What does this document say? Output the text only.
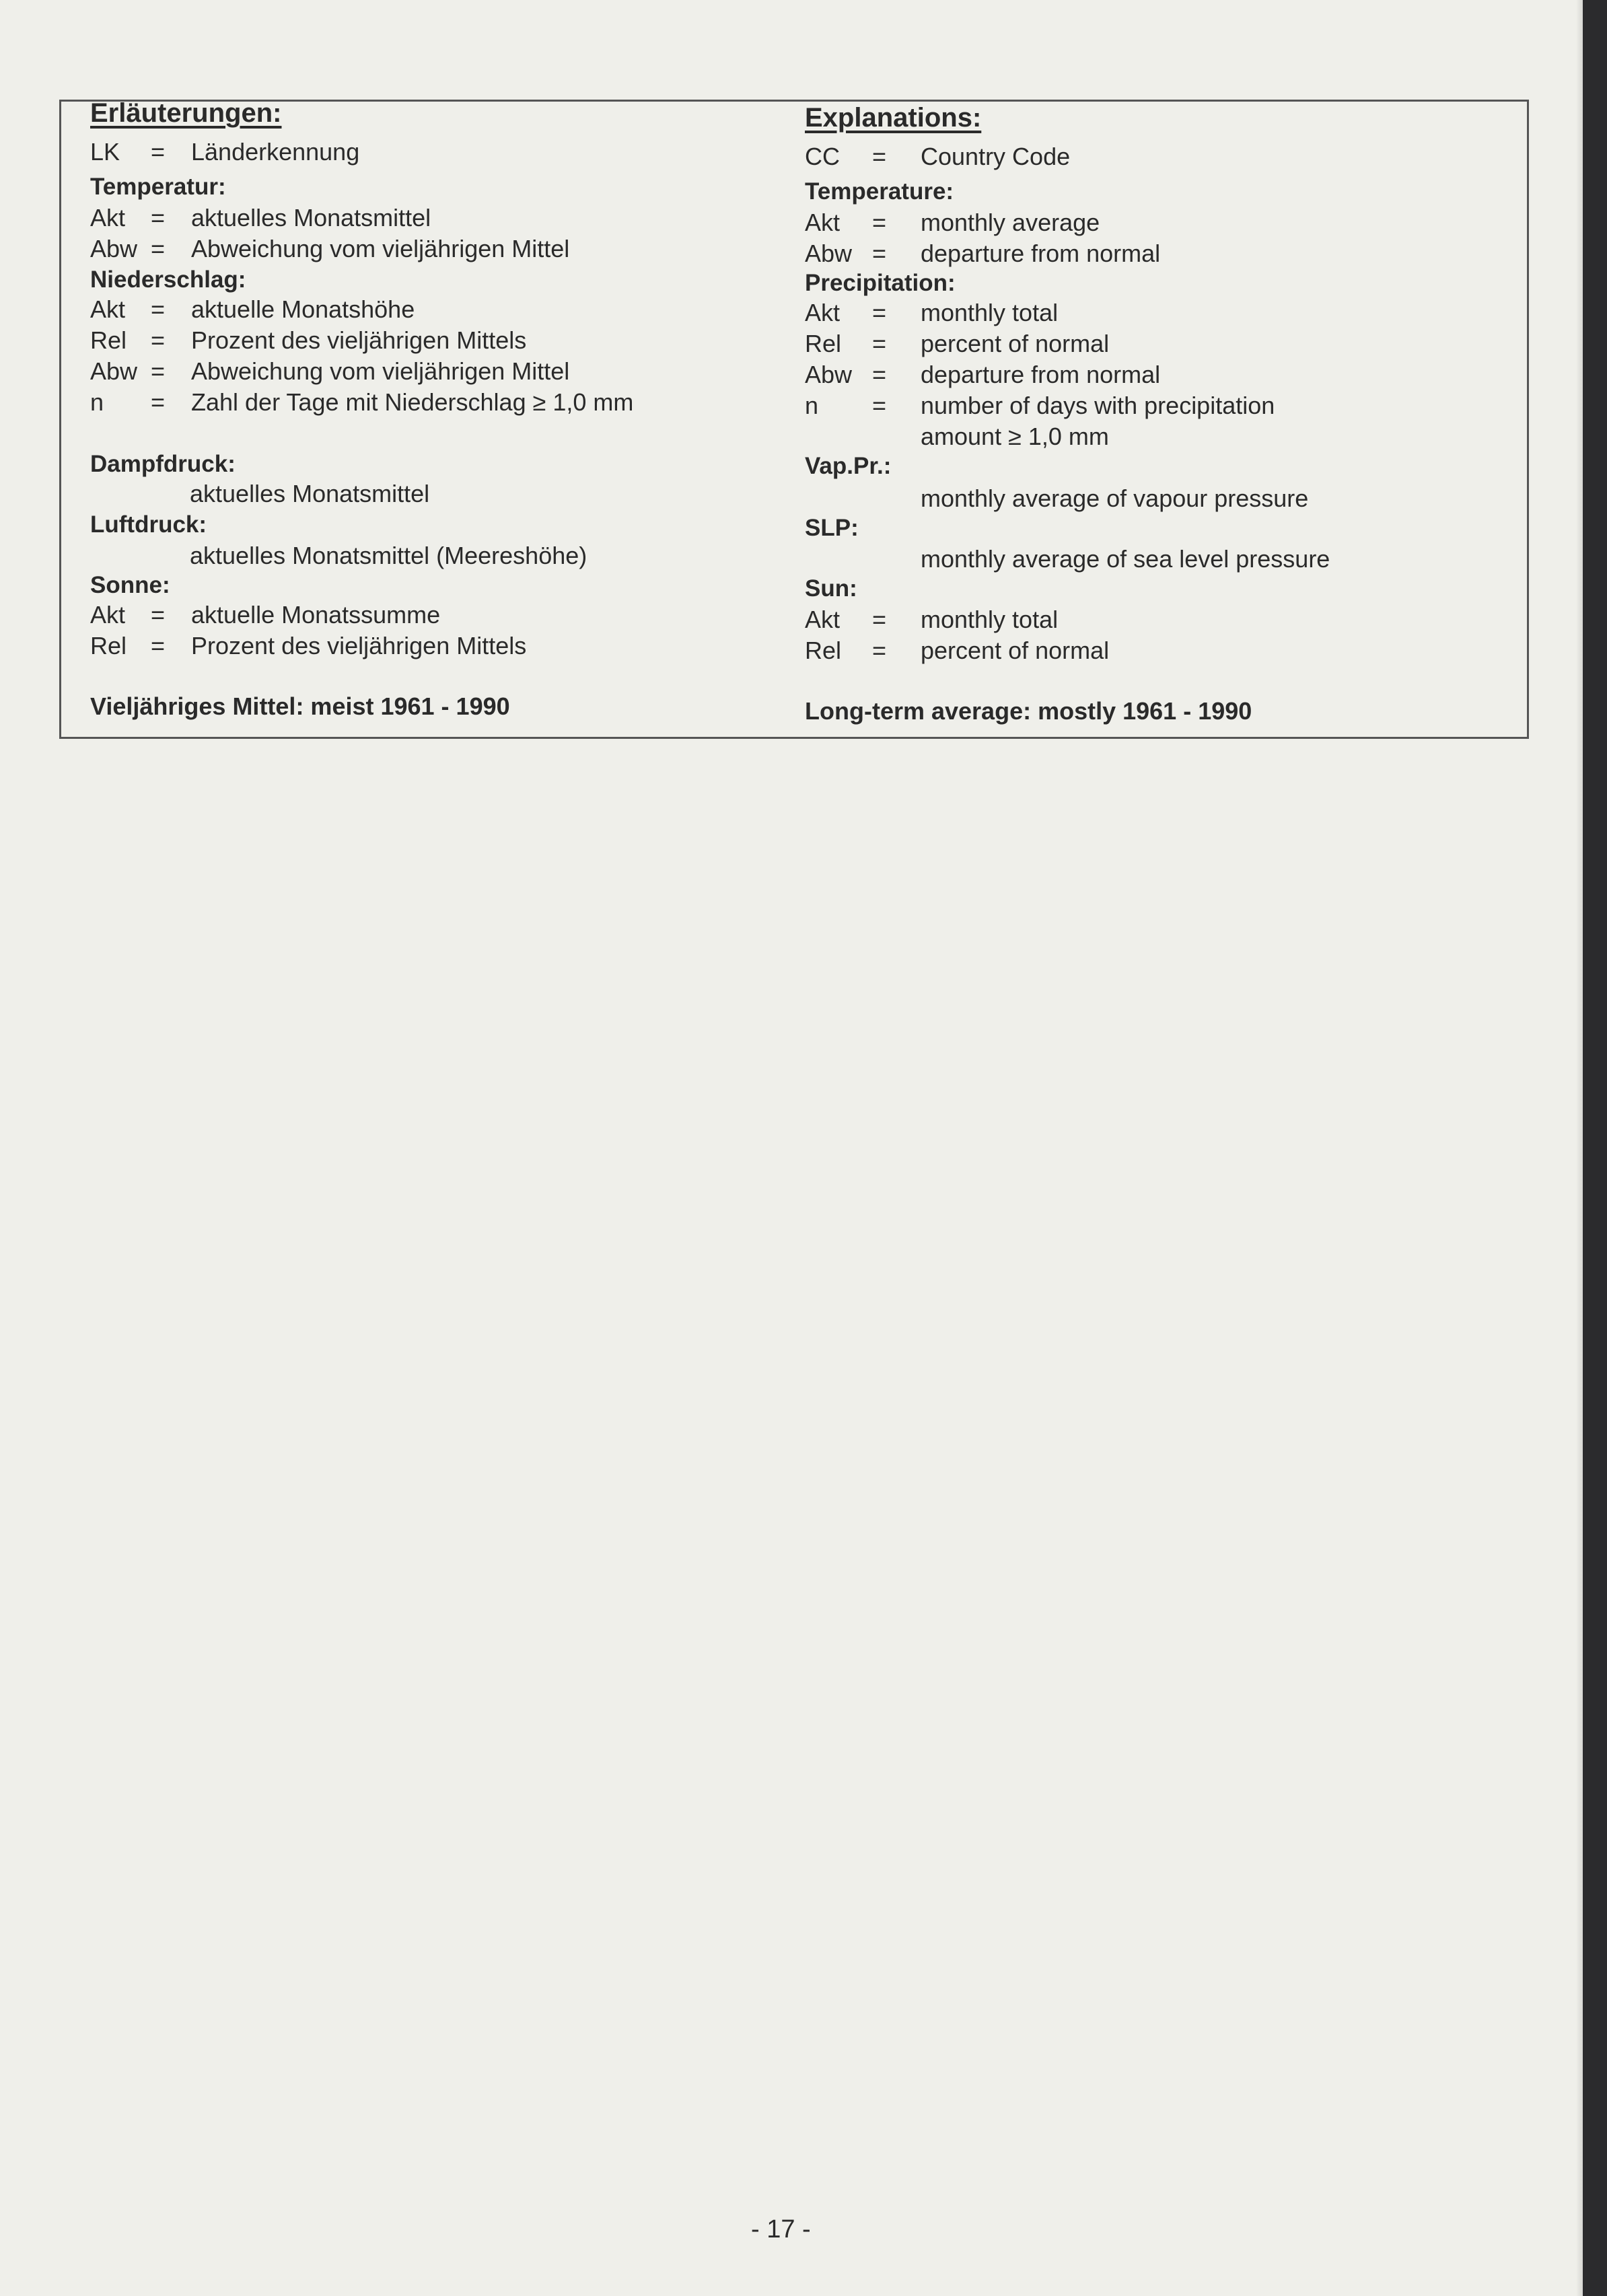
Erläuterungen:
LK	=	Länderkennung
Temperatur:
Akt	=	aktuelles Monatsmittel
Abw =	Abweichung vom vieljährigen Mittel
Niederschlag:
Akt	=	aktuelle Monatshöhe
Rel =	Prozent des vieljährigen Mittels
Abw =	Abweichung vom vieljährigen Mittel
n	=	Zahl der Tage mit Niederschlag ≥ 1,0 mm
Dampfdruck:
aktuelles Monatsmittel
Luftdruck:
aktuelles Monatsmittel (Meereshöhe)
Sonne:
Akt	=	aktuelle Monatssumme
Rel =	Prozent des vieljährigen Mittels
Vieljähriges Mittel: meist 1961 - 1990
Explanations:
CC	=	Country Code
Temperature:
Akt	=	monthly average
Abw =	departure from normal
Precipitation:
Akt	=	monthly total
Rel	=	percent of normal
Abw =	departure from normal
n	=	number of days with precipitation
amount ≥ 1,0 mm
Vap.Pr.:
monthly average of vapour pressure
SLP:
monthly average of sea level pressure
Sun:
Akt	=	monthly total
Rel	=	percent of normal
Long-term average: mostly 1961 - 1990
- 17 -
